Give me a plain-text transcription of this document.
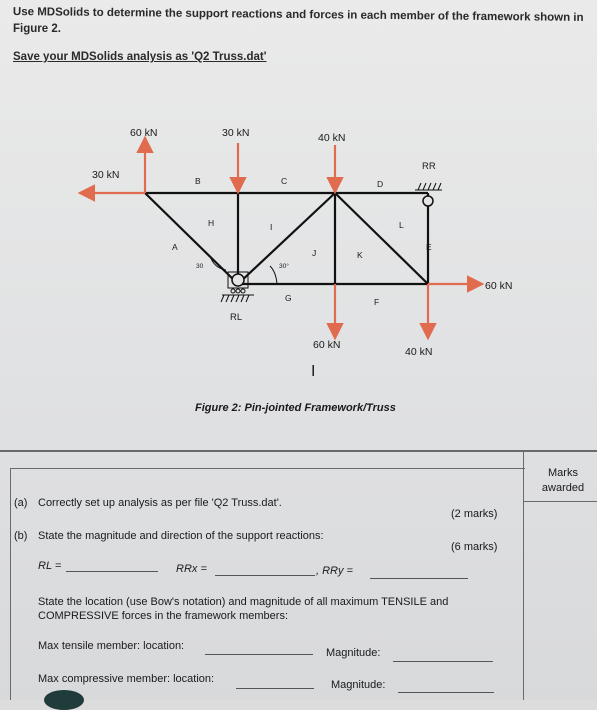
Use MDSolids to determine the support reactions and forces in each member of the framework shown in
Figure 2.
Save your MDSolids analysis as 'Q2 Truss.dat'
60 kN	30 kN	40 kN
30 kN
60 kN
60 kN
40 kN
RR
RL
A
B	C	D
E
F
G
H	I
J	K
L
30	30°
I
Figure 2: Pin-jointed Framework/Truss
Marks awarded
(a) Correctly set up analysis as per file 'Q2 Truss.dat'.
(2 marks)
(b) State the magnitude and direction of the support reactions:
(6 marks)
RL =	RRx =	, RRy =
State the location (use Bow's notation) and magnitude of all maximum TENSILE and
COMPRESSIVE forces in the framework members:
Max tensile member: location:
Magnitude:
Max compressive member: location:	Magnitude:
